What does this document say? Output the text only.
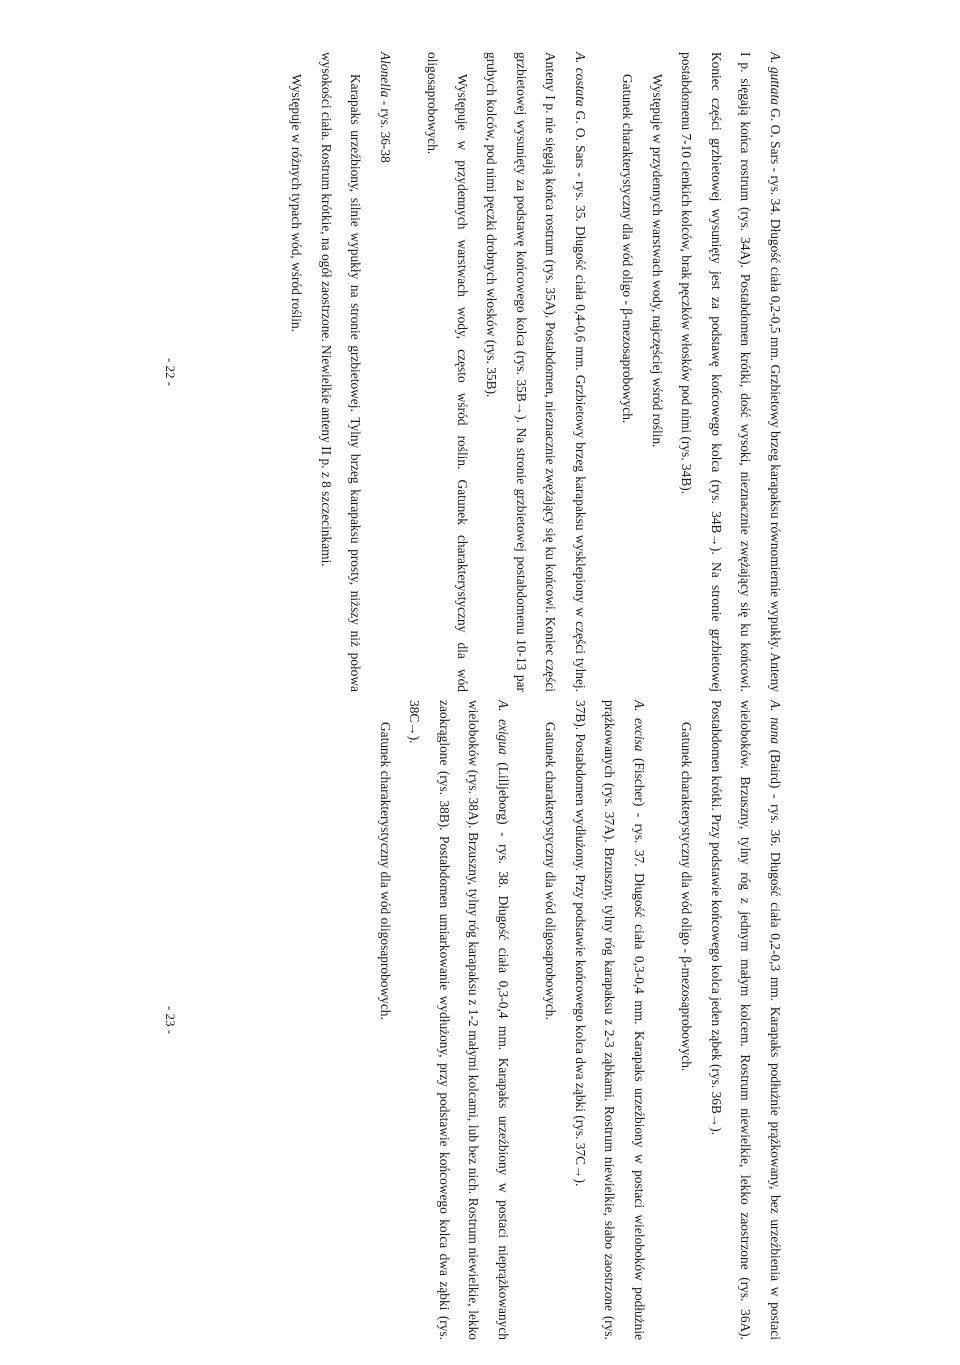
A. guttata G. O. Sars - rys. 34. Długość ciała 0,2-0,5 mm. Grzbietowy brzeg karapaksu równomiernie wypukły. Anteny I p. sięgają końca rostrum (rys. 34A). Postabdomen krótki, dość wysoki, nieznacznie zwężający się ku końcowi. Koniec części grzbietowej wysunięty jest za podstawę końcowego kolca (rys. 34B→). Na stronie grzbietowej postabdomenu 7-10 cienkich kolców, brak pęczków włosków pod nimi (rys. 34B).

Występuje w przydennych warstwach wody, najczęściej wśród roślin.

Gatunek charakterystyczny dla wód oligo - β-mezosaprobowych.

A. costata G. O. Sars - rys. 35. Długość ciała 0,4-0,6 mm. Grzbietowy brzeg karapaksu wysklepiony w części tylnej. Anteny I p. nie sięgają końca rostrum (rys. 35A). Postabdomen, nieznacznie zwężający się ku końcowi. Koniec części grzbietowej wysunięty za podstawę końcowego kolca (rys. 35B→). Na stronie grzbietowej postabdomenu 10-13 par grubych kolców, pod nimi pęczki drobnych włosków (rys. 35B).

Występuje w przydennych warstwach wody, często wśród roślin. Gatunek charakterystyczny dla wód oligosaprobowych.

Alonella - rys. 36-38

Karapaks urzeźbiony, silnie wypukły na stronie grzbietowej. Tylny brzeg karapaksu prosty, niższy niż połowa wysokości ciała. Rostrum krótkie, na ogół zaostrzone. Niewielkie anteny II p. z 8 szczecinkami.

Występuje w różnych typach wód, wśród roślin.

- 22 -

A. nana (Baird) - rys. 36. Długość ciała 0,2-0,3 mm. Karapaks podłużnie prążkowany, bez urzeźbienia w postaci wieloboków. Brzuszny, tylny róg z jednym małym kolcem. Rostrum niewielkie, lekko zaostrzone (rys. 36A). Postabdomen krótki. Przy podstawie końcowego kolca jeden ząbek (rys. 36B→).

Gatunek charakterystyczny dla wód oligo - β-mezosaprobowych.

A. excisa (Fischer) - rys. 37. Długość ciała 0,3-0,4 mm. Karapaks urzeźbiony w postaci wieloboków podłużnie prążkowanych (rys. 37A). Brzuszny, tylny róg karapaksu z 2-3 ząbkami. Rostrum niewielkie, słabo zaostrzone (rys. 37B). Postabdomen wydłużony. Przy podstawie końcowego kolca dwa ząbki (rys. 37C→).

Gatunek charakterystyczny dla wód oligosaprobowych.

A. exigua (Lilljeborg) - rys. 38. Długość ciała 0,3-0,4 mm. Karapaks urzeźbiony w postaci nieprążkowanych wieloboków (rys. 38A). Brzuszny, tylny róg karapaksu z 1-2 małymi kolcami, lub bez nich. Rostrum niewielkie, lekko zaokrąglone (rys. 38B). Postabdomen umiarkowanie wydłużony, przy podstawie końcowego kolca dwa ząbki (rys. 38C→).

Gatunek charakterystyczny dla wód oligosaprobowych.

- 23 -
